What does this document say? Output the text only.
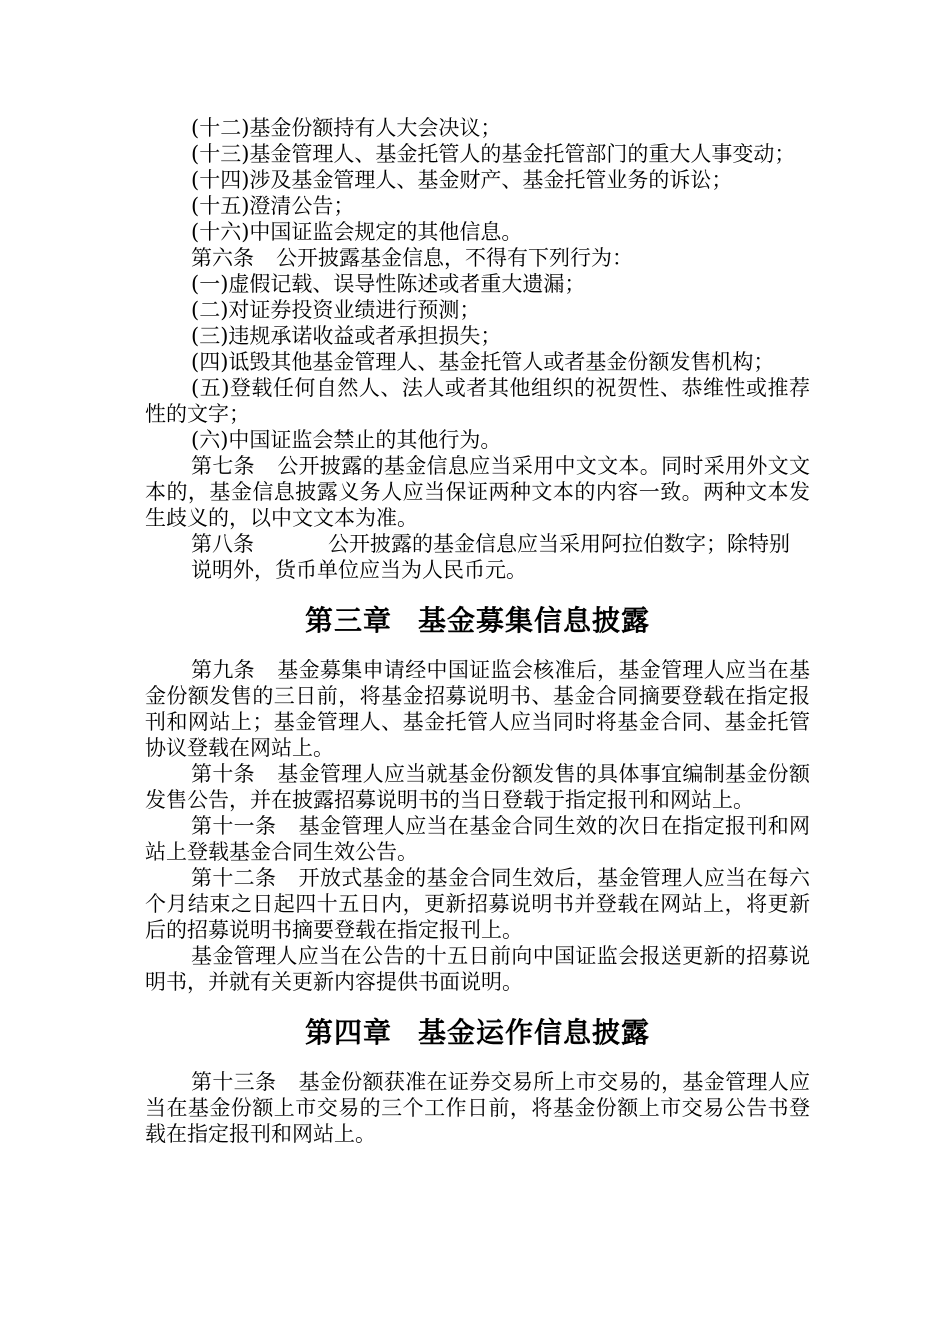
(十二)基金份额持有人大会决议；

(十三)基金管理人、基金托管人的基金托管部门的重大人事变动；

(十四)涉及基金管理人、基金财产、基金托管业务的诉讼；

(十五)澄清公告；

(十六)中国证监会规定的其他信息。

第六条 公开披露基金信息，不得有下列行为：

(一)虚假记载、误导性陈述或者重大遗漏；

(二)对证券投资业绩进行预测；

(三)违规承诺收益或者承担损失；

(四)诋毁其他基金管理人、基金托管人或者基金份额发售机构；

(五)登载任何自然人、法人或者其他组织的祝贺性、恭维性或推荐性的文字；

(六)中国证监会禁止的其他行为。

第七条 公开披露的基金信息应当采用中文文本。同时采用外文文本的，基金信息披露义务人应当保证两种文本的内容一致。两种文本发生歧义的，以中文文本为准。

第八条	公开披露的基金信息应当采用阿拉伯数字；除特别

说明外，货币单位应当为人民币元。

第三章 基金募集信息披露

第九条 基金募集申请经中国证监会核准后，基金管理人应当在基金份额发售的三日前，将基金招募说明书、基金合同摘要登载在指定报刊和网站上；基金管理人、基金托管人应当同时将基金合同、基金托管协议登载在网站上。

第十条 基金管理人应当就基金份额发售的具体事宜编制基金份额发售公告，并在披露招募说明书的当日登载于指定报刊和网站上。

第十一条 基金管理人应当在基金合同生效的次日在指定报刊和网站上登载基金合同生效公告。

第十二条 开放式基金的基金合同生效后，基金管理人应当在每六个月结束之日起四十五日内，更新招募说明书并登载在网站上，将更新后的招募说明书摘要登载在指定报刊上。

基金管理人应当在公告的十五日前向中国证监会报送更新的招募说明书，并就有关更新内容提供书面说明。

第四章 基金运作信息披露

第十三条 基金份额获准在证券交易所上市交易的，基金管理人应当在基金份额上市交易的三个工作日前，将基金份额上市交易公告书登载在指定报刊和网站上。
